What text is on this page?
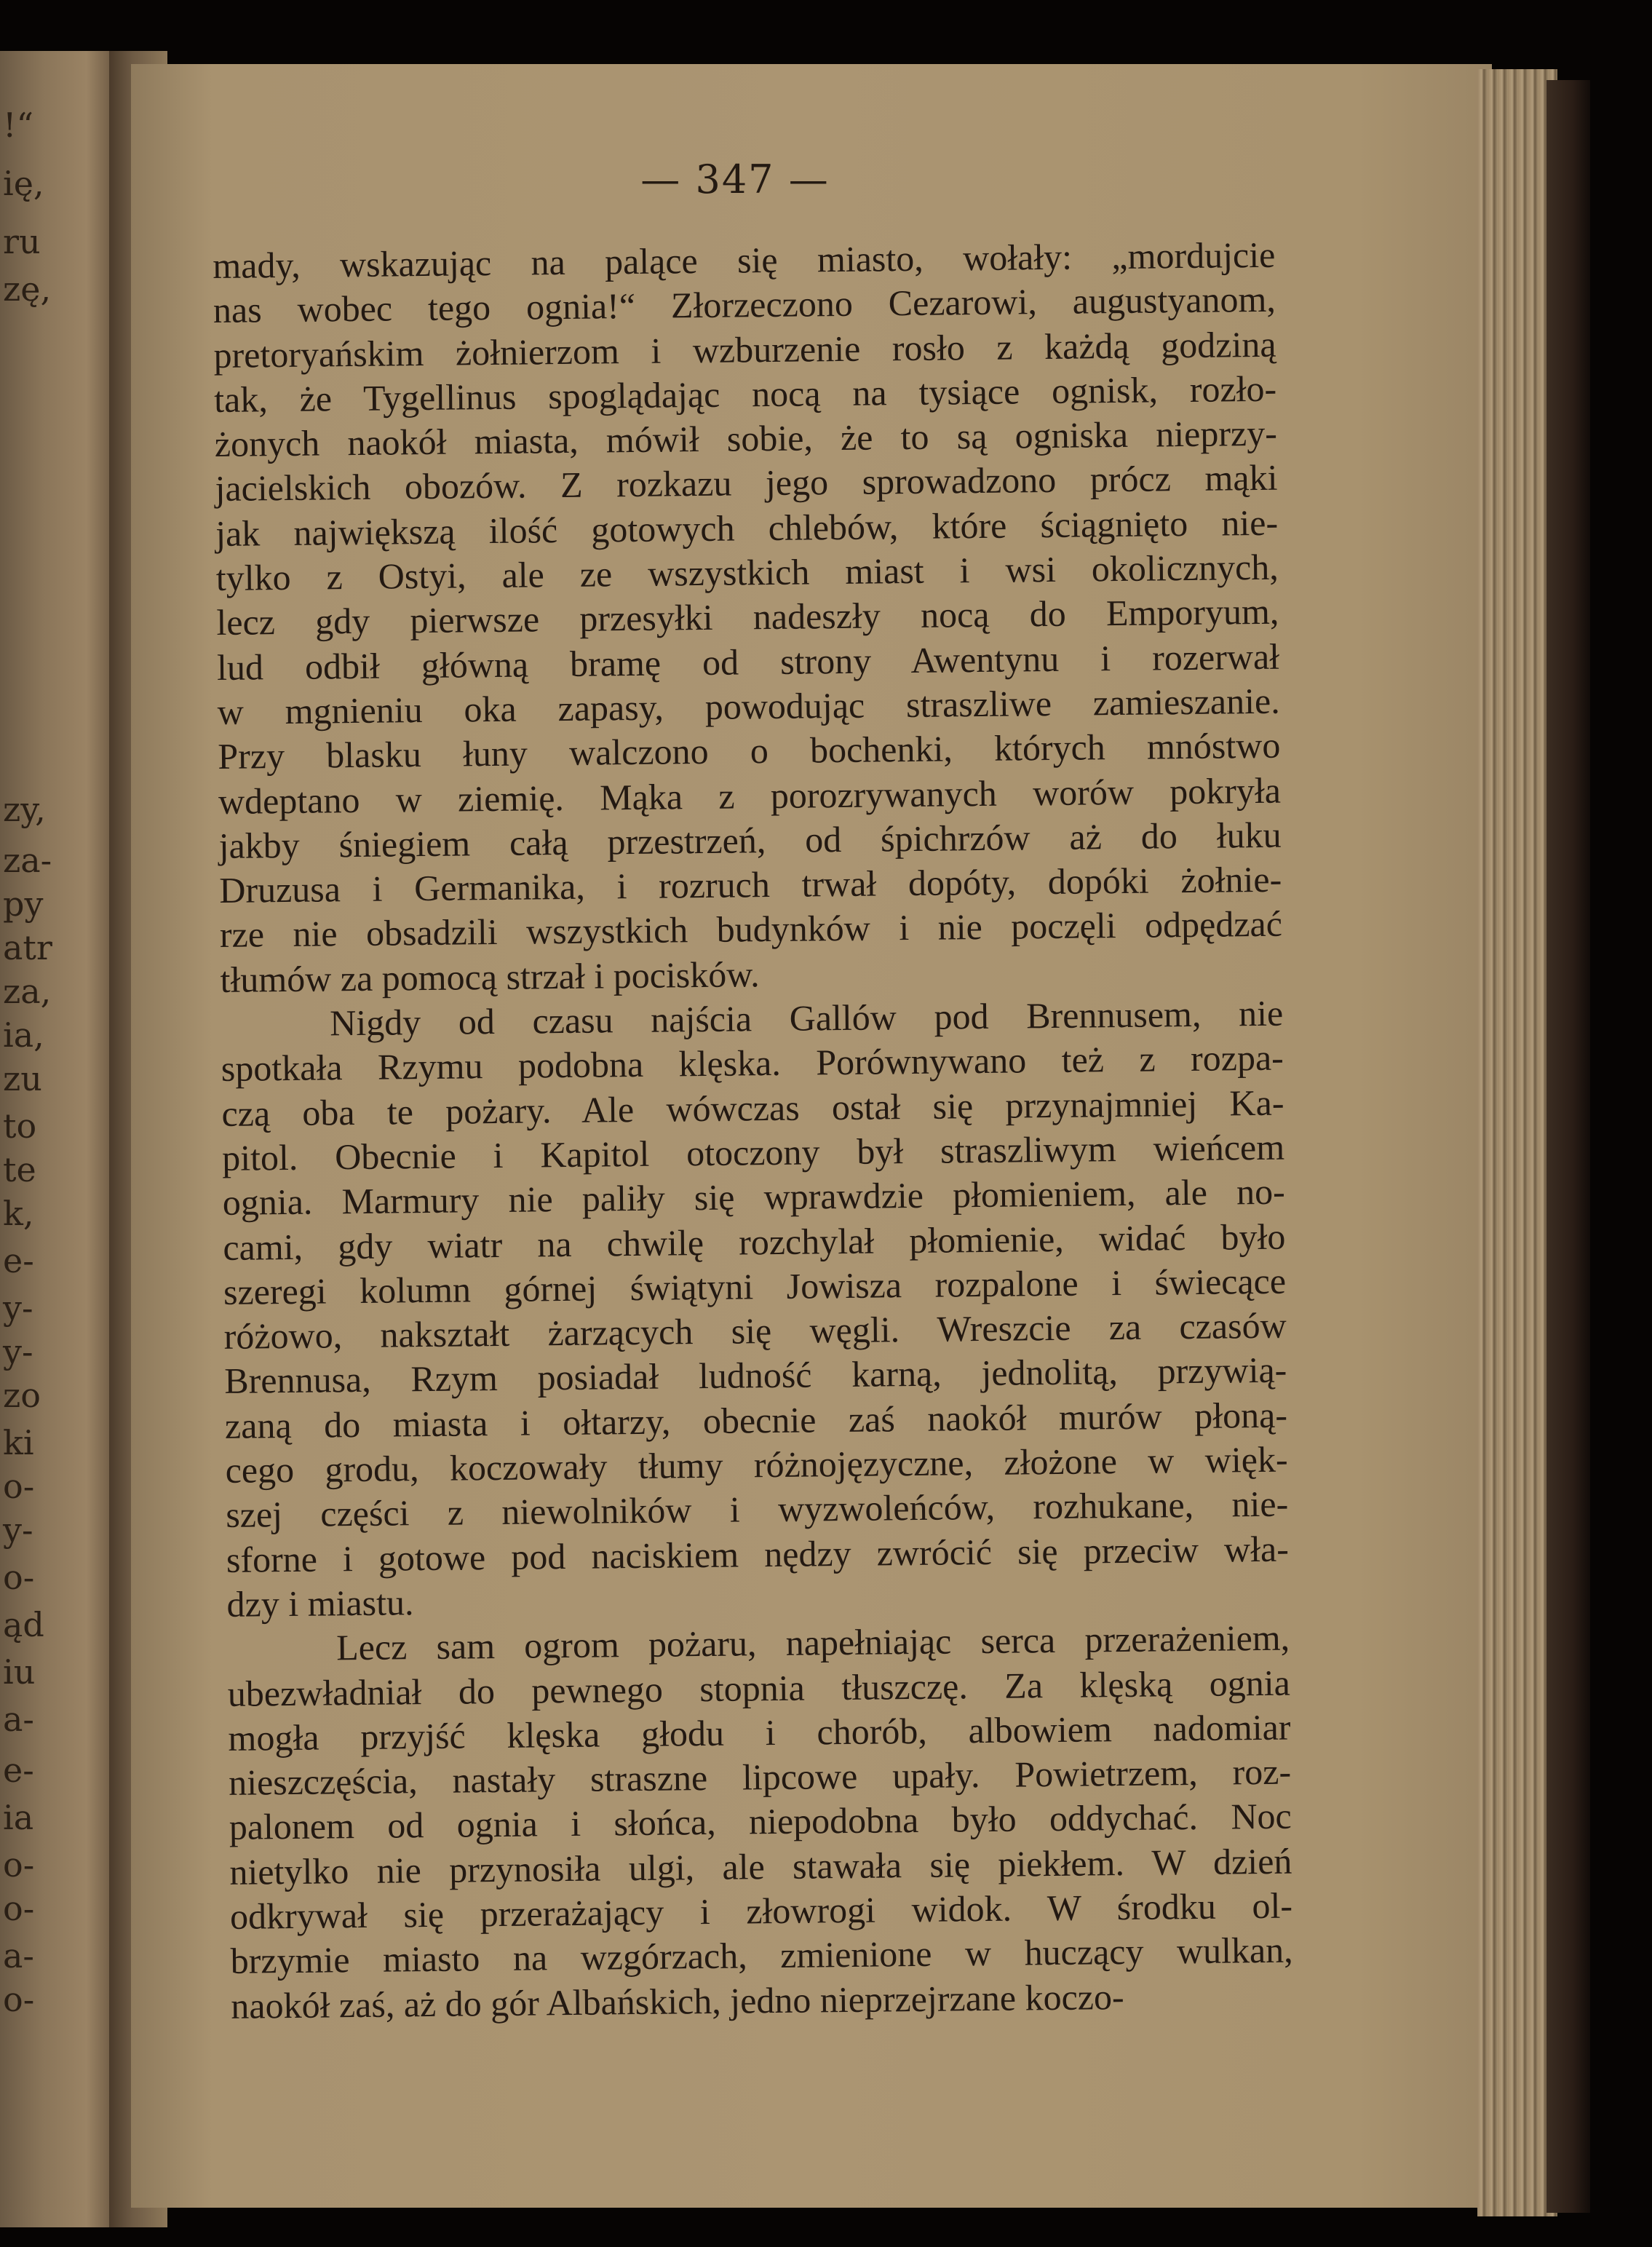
!“
ię,
ru
zę,
zy,
za-
py
atr
za,
ia,
zu
to
te
k,
e-
y-
y-
zo
ki
o-
y-
o-
ąd
iu
a-
e-
ia
o-
o-
a-
o-
— 347 —
mady, wskazując na palące się miasto, wołały: „mordujcie
nas wobec tego ognia!“ Złorzeczono Cezarowi, augustyanom,
pretoryańskim żołnierzom i wzburzenie rosło z każdą godziną
tak, że Tygellinus spoglądając nocą na tysiące ognisk, rozło-
żonych naokół miasta, mówił sobie, że to są ogniska nieprzy-
jacielskich obozów. Z rozkazu jego sprowadzono prócz mąki
jak największą ilość gotowych chlebów, które ściągnięto nie-
tylko z Ostyi, ale ze wszystkich miast i wsi okolicznych,
lecz gdy pierwsze przesyłki nadeszły nocą do Emporyum,
lud odbił główną bramę od strony Awentynu i rozerwał
w mgnieniu oka zapasy, powodując straszliwe zamieszanie.
Przy blasku łuny walczono o bochenki, których mnóstwo
wdeptano w ziemię. Mąka z porozrywanych worów pokryła
jakby śniegiem całą przestrzeń, od śpichrzów aż do łuku
Druzusa i Germanika, i rozruch trwał dopóty, dopóki żołnie-
rze nie obsadzili wszystkich budynków i nie poczęli odpędzać
tłumów za pomocą strzał i pocisków.
Nigdy od czasu najścia Gallów pod Brennusem, nie
spotkała Rzymu podobna klęska. Porównywano też z rozpa-
czą oba te pożary. Ale wówczas ostał się przynajmniej Ka-
pitol. Obecnie i Kapitol otoczony był straszliwym wieńcem
ognia. Marmury nie paliły się wprawdzie płomieniem, ale no-
cami, gdy wiatr na chwilę rozchylał płomienie, widać było
szeregi kolumn górnej świątyni Jowisza rozpalone i świecące
różowo, nakształt żarzących się węgli. Wreszcie za czasów
Brennusa, Rzym posiadał ludność karną, jednolitą, przywią-
zaną do miasta i ołtarzy, obecnie zaś naokół murów płoną-
cego grodu, koczowały tłumy różnojęzyczne, złożone w więk-
szej części z niewolników i wyzwoleńców, rozhukane, nie-
sforne i gotowe pod naciskiem nędzy zwrócić się przeciw wła-
dzy i miastu.
Lecz sam ogrom pożaru, napełniając serca przerażeniem,
ubezwładniał do pewnego stopnia tłuszczę. Za klęską ognia
mogła przyjść klęska głodu i chorób, albowiem nadomiar
nieszczęścia, nastały straszne lipcowe upały. Powietrzem, roz-
palonem od ognia i słońca, niepodobna było oddychać. Noc
nietylko nie przynosiła ulgi, ale stawała się piekłem. W dzień
odkrywał się przerażający i złowrogi widok. W środku ol-
brzymie miasto na wzgórzach, zmienione w huczący wulkan,
naokół zaś, aż do gór Albańskich, jedno nieprzejrzane koczo-
